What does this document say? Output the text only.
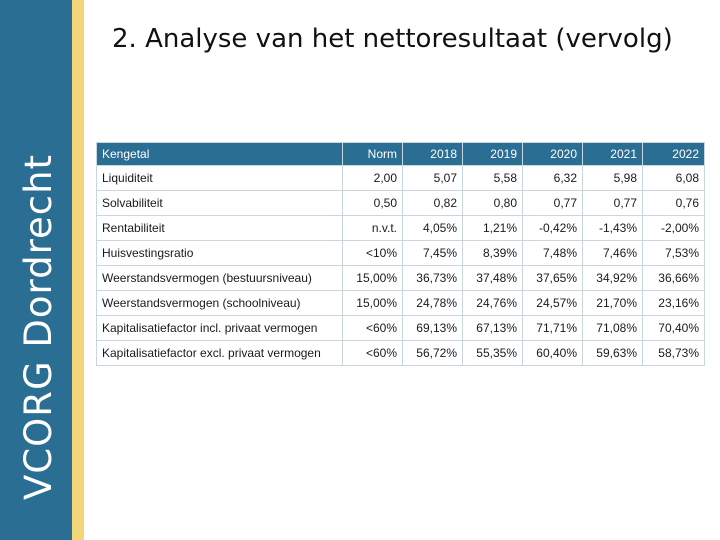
VCORG Dordrecht
2. Analyse van het nettoresultaat (vervolg)
Kengetal	Norm	2018	2019	2020	2021	2022
Liquiditeit	2,00	5,07	5,58	6,32	5,98	6,08
Solvabiliteit	0,50	0,82	0,80	0,77	0,77	0,76
Rentabiliteit	n.v.t.	4,05%	1,21%	-0,42%	-1,43%	-2,00%
Huisvestingsratio	<10%	7,45%	8,39%	7,48%	7,46%	7,53%
Weerstandsvermogen (bestuursniveau)	15,00%	36,73%	37,48%	37,65%	34,92%	36,66%
Weerstandsvermogen (schoolniveau)	15,00%	24,78%	24,76%	24,57%	21,70%	23,16%
Kapitalisatiefactor incl. privaat vermogen	<60%	69,13%	67,13%	71,71%	71,08%	70,40%
Kapitalisatiefactor excl. privaat vermogen	<60%	56,72%	55,35%	60,40%	59,63%	58,73%
